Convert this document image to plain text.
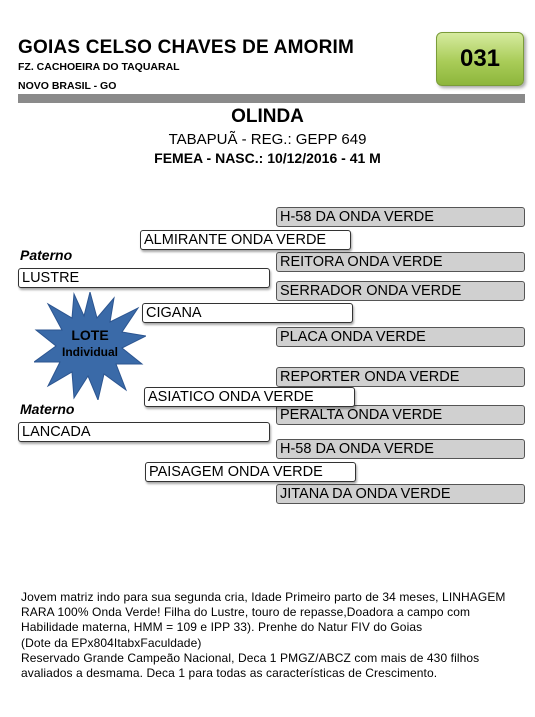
GOIAS CELSO CHAVES DE AMORIM
FZ. CACHOEIRA DO TAQUARAL
NOVO BRASIL - GO
031
OLINDA
TABAPUÃ - REG.: GEPP 649
FEMEA - NASC.: 10/12/2016 - 41 M
H-58 DA ONDA VERDE
REITORA ONDA VERDE
SERRADOR ONDA VERDE
PLACA ONDA VERDE
REPORTER ONDA VERDE
PERALTA ONDA VERDE
H-58 DA ONDA VERDE
JITANA DA ONDA VERDE
ALMIRANTE ONDA VERDE
CIGANA
ASIATICO ONDA VERDE
PAISAGEM ONDA VERDE
Paterno
LUSTRE
Materno
LANCADA
LOTE
Individual

Jovem matriz indo para sua segunda cria, Idade Primeiro parto de 34 meses, LINHAGEM RARA 100% Onda Verde! Filha do Lustre, touro de repasse,Doadora a campo com Habilidade materna, HMM = 109 e IPP 33). Prenhe do Natur FIV do Goias

(Dote da EPx804ItabxFaculdade)

Reservado Grande Campeão Nacional, Deca 1 PMGZ/ABCZ com mais de 430 filhos avaliados a desmama. Deca 1 para todas as características de Crescimento.
